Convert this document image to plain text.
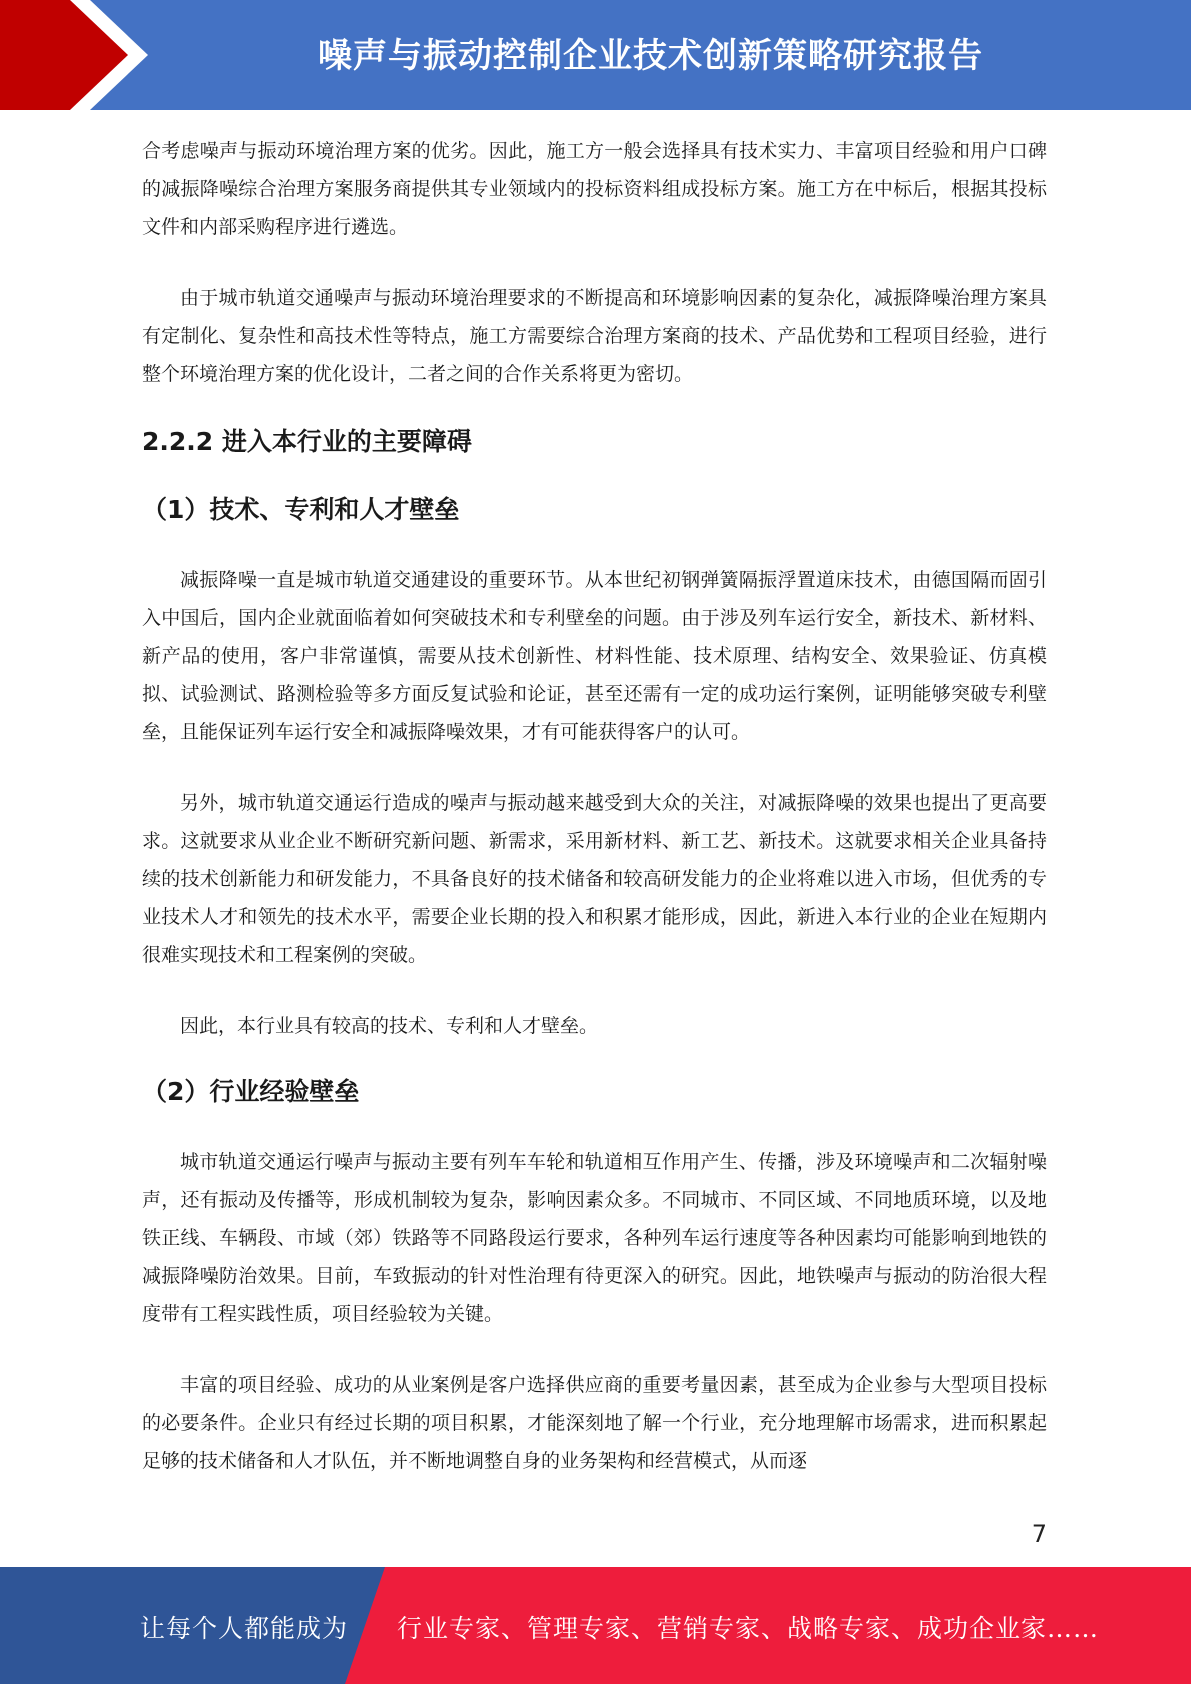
噪声与振动控制企业技术创新策略研究报告

合考虑噪声与振动环境治理方案的优劣。因此，施工方一般会选择具有技术实力、丰富项目经验和用户口碑的减振降噪综合治理方案服务商提供其专业领域内的投标资料组成投标方案。施工方在中标后，根据其投标文件和内部采购程序进行遴选。

由于城市轨道交通噪声与振动环境治理要求的不断提高和环境影响因素的复杂化，减振降噪治理方案具有定制化、复杂性和高技术性等特点，施工方需要综合治理方案商的技术、产品优势和工程项目经验，进行整个环境治理方案的优化设计，二者之间的合作关系将更为密切。

2.2.2 进入本行业的主要障碍
（1）技术、专利和人才壁垒

减振降噪一直是城市轨道交通建设的重要环节。从本世纪初钢弹簧隔振浮置道床技术，由德国隔而固引入中国后，国内企业就面临着如何突破技术和专利壁垒的问题。由于涉及列车运行安全，新技术、新材料、新产品的使用，客户非常谨慎，需要从技术创新性、材料性能、技术原理、结构安全、效果验证、仿真模拟、试验测试、路测检验等多方面反复试验和论证，甚至还需有一定的成功运行案例，证明能够突破专利壁垒，且能保证列车运行安全和减振降噪效果，才有可能获得客户的认可。

另外，城市轨道交通运行造成的噪声与振动越来越受到大众的关注，对减振降噪的效果也提出了更高要求。这就要求从业企业不断研究新问题、新需求，采用新材料、新工艺、新技术。这就要求相关企业具备持续的技术创新能力和研发能力，不具备良好的技术储备和较高研发能力的企业将难以进入市场，但优秀的专业技术人才和领先的技术水平，需要企业长期的投入和积累才能形成，因此，新进入本行业的企业在短期内很难实现技术和工程案例的突破。

因此，本行业具有较高的技术、专利和人才壁垒。

（2）行业经验壁垒

城市轨道交通运行噪声与振动主要有列车车轮和轨道相互作用产生、传播，涉及环境噪声和二次辐射噪声，还有振动及传播等，形成机制较为复杂，影响因素众多。不同城市、不同区域、不同地质环境，以及地铁正线、车辆段、市域（郊）铁路等不同路段运行要求，各种列车运行速度等各种因素均可能影响到地铁的减振降噪防治效果。目前，车致振动的针对性治理有待更深入的研究。因此，地铁噪声与振动的防治很大程度带有工程实践性质，项目经验较为关键。

丰富的项目经验、成功的从业案例是客户选择供应商的重要考量因素，甚至成为企业参与大型项目投标的必要条件。企业只有经过长期的项目积累，才能深刻地了解一个行业，充分地理解市场需求，进而积累起足够的技术储备和人才队伍，并不断地调整自身的业务架构和经营模式，从而逐

7
让每个人都能成为 行业专家、管理专家、营销专家、战略专家、成功企业家……
